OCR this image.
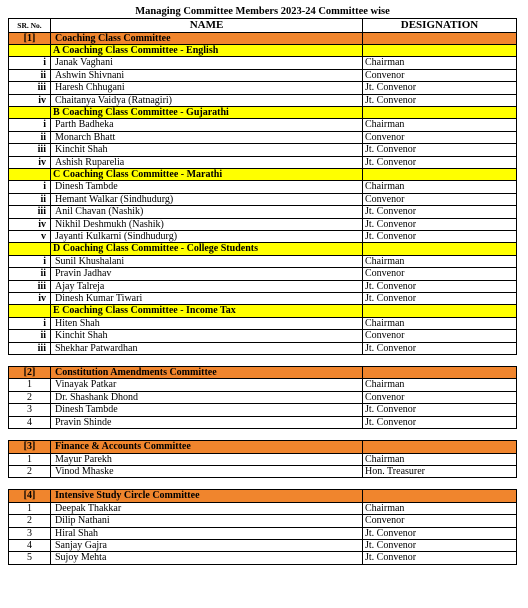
Managing Committee Members 2023-24 Committee wise		
SR. No.	NAME	DESIGNATION
[1]	Coaching Class Committee	
	A Coaching Class Committee - English	
i	Janak Vaghani	Chairman
ii	Ashwin Shivnani	Convenor
iii	Haresh Chhugani	Jt. Convenor
iv	Chaitanya Vaidya (Ratnagiri)	Jt. Convenor
	B Coaching Class Committee - Gujarathi	
i	Parth Badheka	Chairman
ii	Monarch Bhatt	Convenor
iii	Kinchit Shah	Jt. Convenor
iv	Ashish Ruparelia	Jt. Convenor
	C Coaching Class Committee - Marathi	
i	Dinesh Tambde	Chairman
ii	Hemant Walkar (Sindhudurg)	Convenor
iii	Anil Chavan (Nashik)	Jt. Convenor
iv	Nikhil Deshmukh (Nashik)	Jt. Convenor
v	Jayanti Kulkarni (Sindhudurg)	Jt. Convenor
	D Coaching Class Committee - College Students	
i	Sunil Khushalani	Chairman
ii	Pravin Jadhav	Convenor
iii	Ajay Talreja	Jt. Convenor
iv	Dinesh Kumar Tiwari	Jt. Convenor
	E Coaching Class Committee - Income Tax	
i	Hiten Shah	Chairman
ii	Kinchit Shah	Convenor
iii	Shekhar Patwardhan	Jt. Convenor

[2]	Constitution Amendments Committee	
1	Vinayak Patkar	Chairman
2	Dr. Shashank Dhond	Convenor
3	Dinesh Tambde	Jt. Convenor
4	Pravin Shinde	Jt. Convenor

[3]	Finance & Accounts Committee	
1	Mayur Parekh	Chairman
2	Vinod Mhaske	Hon. Treasurer

[4]	Intensive Study Circle Committee	
1	Deepak Thakkar	Chairman
2	Dilip Nathani	Convenor
3	Hiral Shah	Jt. Convenor
4	Sanjay Gajra	Jt. Convenor
5	Sujoy Mehta	Jt. Convenor
